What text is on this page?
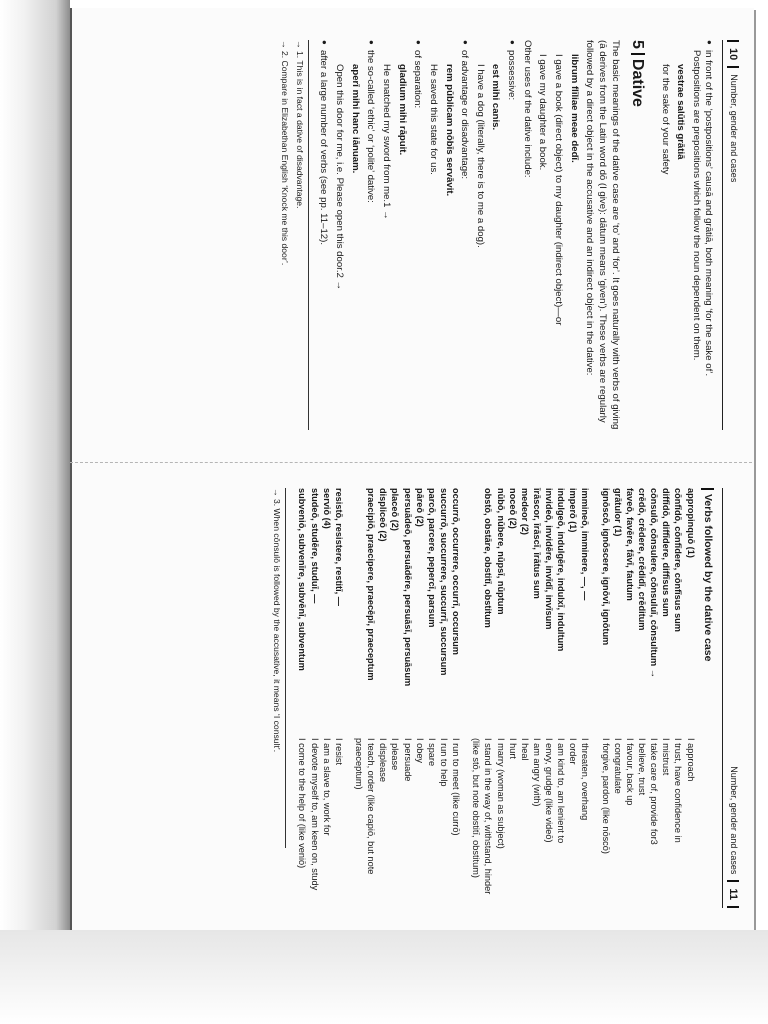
10
Number, gender and cases

● in front of the ‘postpositions’ causā and grātiā, both meaning ‘for the sake of’. Postpositions are prepositions which follow the noun dependent on them.

vestrae salūtis grātiā

for the sake of your safety

5Dative

The basic meanings of the dative case are ‘to’ and ‘for’. It goes naturally with verbs of giving (ā derives from the Latin word dō (I give): dātum means ‘given’). These verbs are regularly followed by a direct object in the accusative and an indirect object in the dative:

librum flīliae meae dedī.

I gave a book (direct object) to my daughter (indirect object)—or

I gave my daughter a book.

Other uses of the dative include:

● possessive:

est mihi canis.

I have a dog (literally, there is to me a dog).

● of advantage or disadvantage:

rem pūblicam nōbīs servāvit.

He saved this state for us.

● of separation:

gladium mihi rāpuit.

He snatched my sword from me.1 →

● the so-called ‘ethic’ or ‘polite’ dative:

aperī mihi hanc iānuam.

Open this door for me, i.e. Please open this door.2 →

● after a large number of verbs (see pp. 11–12).

→ 1. This is in fact a dative of disadvantage.

→ 2. Compare in Elizabethan English ‘Knock me this door’.

Number, gender and cases
11
Verbs followed by the dative case
appropinquō (1)
I approach
cōnfīdō, cōnfīdere, cōnfīsus sum
I trust, have confidence in
diffīdō, diffīdere, diffīsus sum
I mistrust
cōnsulō, cōnsulere, cōnsuluī, cōnsultum →
I take care of, provide for3
crēdō, crēdere, crēdidī, crēditum
I believe, trust
faveō, favēre, fāvī, fautum
I favour, back up
grātulor (1)
I congratulate
ignōscō, ignōscere, ignōvī, ignōtum
I forgive, pardon (like nōscō)
immineō, imminere, —, —
I threaten, overhang
imperō (1)
I order
indulgeō, indulgēre, indulxī, indultum
I am kind to, am lenient to
invideō, invidēre, invīdī, invīsum
I envy, grudge (like videō)
īrāscor, īrāscī, īrātus sum
I am angry (with)
medeor (2)
I heal
noceō (2)
I hurt
nūbō, nūbere, nūpsī, nūptum
I marry (woman as subject)
obstō, obstāre, obstitī, obstitum
I stand in the way of, withstand, hinder (like stō, but note obstitī, obstitum)
occurrō, occurrere, occurrī, occursum
I run to meet (like currō)
succurrō, succurrere, succurrī, succursum
I run to help
parcō, parcere, pepercī, parsum
I spare
pāreō (2)
I obey
persuādeō, persuādēre, persuāsī, persuāsum
I persuade
placeō (2)
I please
displiceō (2)
I displease
praecipiō, praecipere, praecēpī, praeceptum
I teach, order (like capiō, but note praeceptum)
resistō, resistere, restitī, —
I resist
serviō (4)
I am a slave to, work for
studeō, studēre, studuī, —
I devote myself to, am keen on, study
subveniō, subvenīre, subvēnī, subventum
I come to the help of (like veniō)
→ 3. When cōnsulō is followed by the accusative, it means ‘I consult’.
